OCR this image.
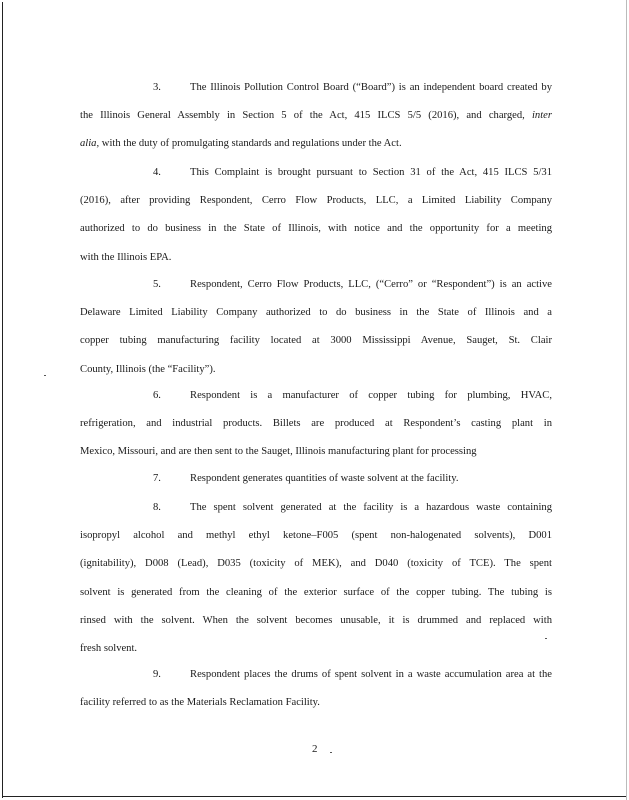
3.	The Illinois Pollution Control Board (“Board”) is an independent board created by
the Illinois General Assembly in Section 5 of the Act, 415 ILCS 5/5 (2016), and charged, inter
alia, with the duty of promulgating standards and regulations under the Act.
4.	This Complaint is brought pursuant to Section 31 of the Act, 415 ILCS 5/31
(2016), after providing Respondent, Cerro Flow Products, LLC, a Limited Liability Company
authorized to do business in the State of Illinois, with notice and the opportunity for a meeting
with the Illinois EPA.
5.	Respondent, Cerro Flow Products, LLC, (“Cerro” or “Respondent”) is an active
Delaware Limited Liability Company authorized to do business in the State of Illinois and a
copper tubing manufacturing facility located at 3000 Mississippi Avenue, Sauget, St. Clair
County, Illinois (the “Facility”).
6.	Respondent is a manufacturer of copper tubing for plumbing, HVAC,
refrigeration, and industrial products. Billets are produced at Respondent’s casting plant in
Mexico, Missouri, and are then sent to the Sauget, Illinois manufacturing plant for processing
7.	Respondent generates quantities of waste solvent at the facility.
8.	The spent solvent generated at the facility is a hazardous waste containing
isopropyl alcohol and methyl ethyl ketone–F005 (spent non-halogenated solvents), D001
(ignitability), D008 (Lead), D035 (toxicity of MEK), and D040 (toxicity of TCE). The spent
solvent is generated from the cleaning of the exterior surface of the copper tubing. The tubing is
rinsed with the solvent. When the solvent becomes unusable, it is drummed and replaced with
fresh solvent.
9.	Respondent places the drums of spent solvent in a waste accumulation area at the
facility referred to as the Materials Reclamation Facility.
2
